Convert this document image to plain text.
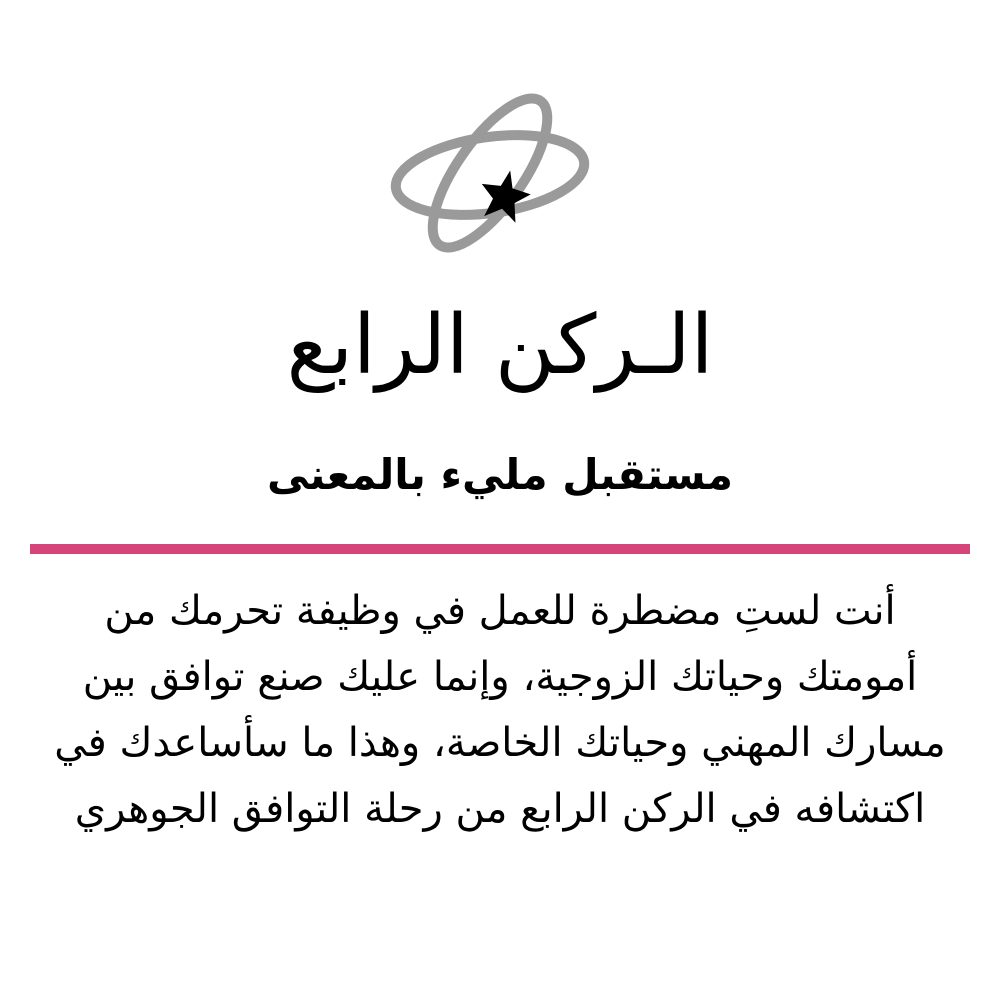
الـركن الرابع
مستقبل مليء بالمعنى

أنت لستِ مضطرة للعمل في وظيفة تحرمك من أمومتك وحياتك الزوجية، وإنما عليك صنع توافق بين مسارك المهني وحياتك الخاصة، وهذا ما سأساعدك في اكتشافه في الركن الرابع من رحلة التوافق الجوهري
